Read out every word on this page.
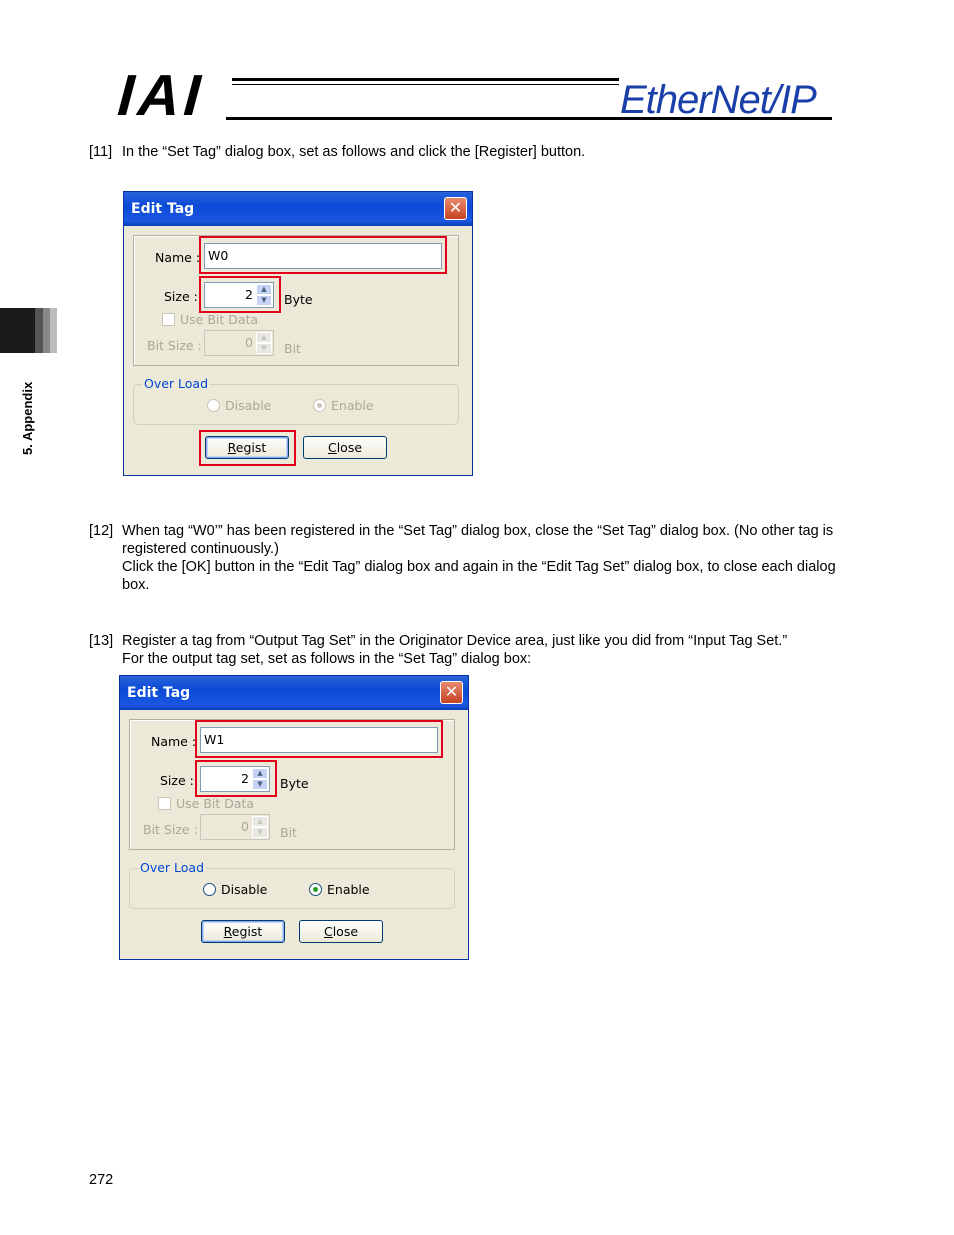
IAI	EtherNet/IP
5. Appendix
[11] In the “Set Tag” dialog box, set as follows and click the [Register] button.
Edit Tag	✕
Name : W0
Size :	2	▲
▼	Byte
Use Bit Data
Bit Size :	0	▲
▼	Bit
Over Load
Disable	Enable
Regist	Close
[12] When tag “W0’” has been registered in the “Set Tag” dialog box, close the “Set Tag” dialog box. (No other tag is registered continuously.)
Click the [OK] button in the “Edit Tag” dialog box and again in the “Edit Tag Set” dialog box, to close each dialog box.
[13] Register a tag from “Output Tag Set” in the Originator Device area, just like you did from “Input Tag Set.”
For the output tag set, set as follows in the “Set Tag” dialog box:
Edit Tag	✕
Name : W1
Size :	2	▲
▼	Byte
Use Bit Data
Bit Size :	0	▲
▼	Bit
Over Load
Disable	Enable
Regist	Close
272
